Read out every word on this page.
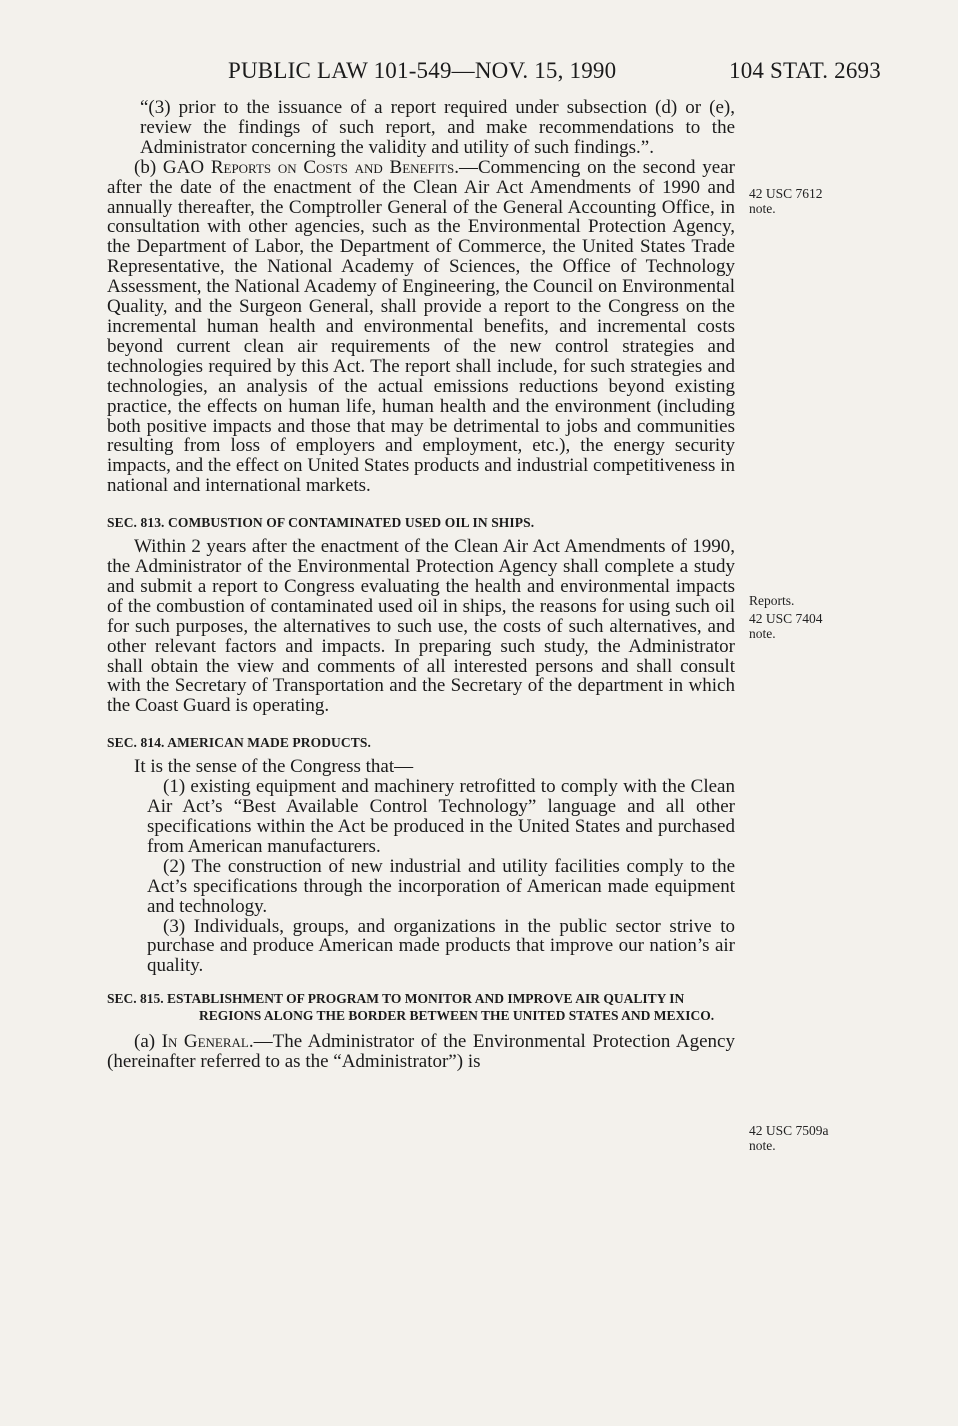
PUBLIC LAW 101-549—NOV. 15, 1990	104 STAT. 2693

“(3) prior to the issuance of a report required under subsection (d) or (e), review the findings of such report, and make recommendations to the Administrator concerning the validity and utility of such findings.”.

(b) GAO Reports on Costs and Benefits.—Commencing on the second year after the date of the enactment of the Clean Air Act Amendments of 1990 and annually thereafter, the Comptroller General of the General Accounting Office, in consultation with other agencies, such as the Environmental Protection Agency, the Department of Labor, the Department of Commerce, the United States Trade Representative, the National Academy of Sciences, the Office of Technology Assessment, the National Academy of Engineering, the Council on Environmental Quality, and the Surgeon General, shall provide a report to the Congress on the incremental human health and environmental benefits, and incremental costs beyond current clean air requirements of the new control strategies and technologies required by this Act. The report shall include, for such strategies and technologies, an analysis of the actual emissions reductions beyond existing practice, the effects on human life, human health and the environment (including both positive impacts and those that may be detrimental to jobs and communities resulting from loss of employers and employment, etc.), the energy security impacts, and the effect on United States products and industrial competitiveness in national and international markets.

SEC. 813. COMBUSTION OF CONTAMINATED USED OIL IN SHIPS.

Within 2 years after the enactment of the Clean Air Act Amendments of 1990, the Administrator of the Environmental Protection Agency shall complete a study and submit a report to Congress evaluating the health and environmental impacts of the combustion of contaminated used oil in ships, the reasons for using such oil for such purposes, the alternatives to such use, the costs of such alternatives, and other relevant factors and impacts. In preparing such study, the Administrator shall obtain the view and comments of all interested persons and shall consult with the Secretary of Transportation and the Secretary of the department in which the Coast Guard is operating.

SEC. 814. AMERICAN MADE PRODUCTS.

It is the sense of the Congress that—

(1) existing equipment and machinery retrofitted to comply with the Clean Air Act’s “Best Available Control Technology” language and all other specifications within the Act be produced in the United States and purchased from American manufacturers.

(2) The construction of new industrial and utility facilities comply to the Act’s specifications through the incorporation of American made equipment and technology.

(3) Individuals, groups, and organizations in the public sector strive to purchase and produce American made products that improve our nation’s air quality.

SEC. 815. ESTABLISHMENT OF PROGRAM TO MONITOR AND IMPROVE AIR QUALITY IN REGIONS ALONG THE BORDER BETWEEN THE UNITED STATES AND MEXICO.

(a) In General.—The Administrator of the Environmental Protection Agency (hereinafter referred to as the “Administrator”) is

42 USC 7612
note.
Reports.
42 USC 7404
note.
42 USC 7509a
note.
